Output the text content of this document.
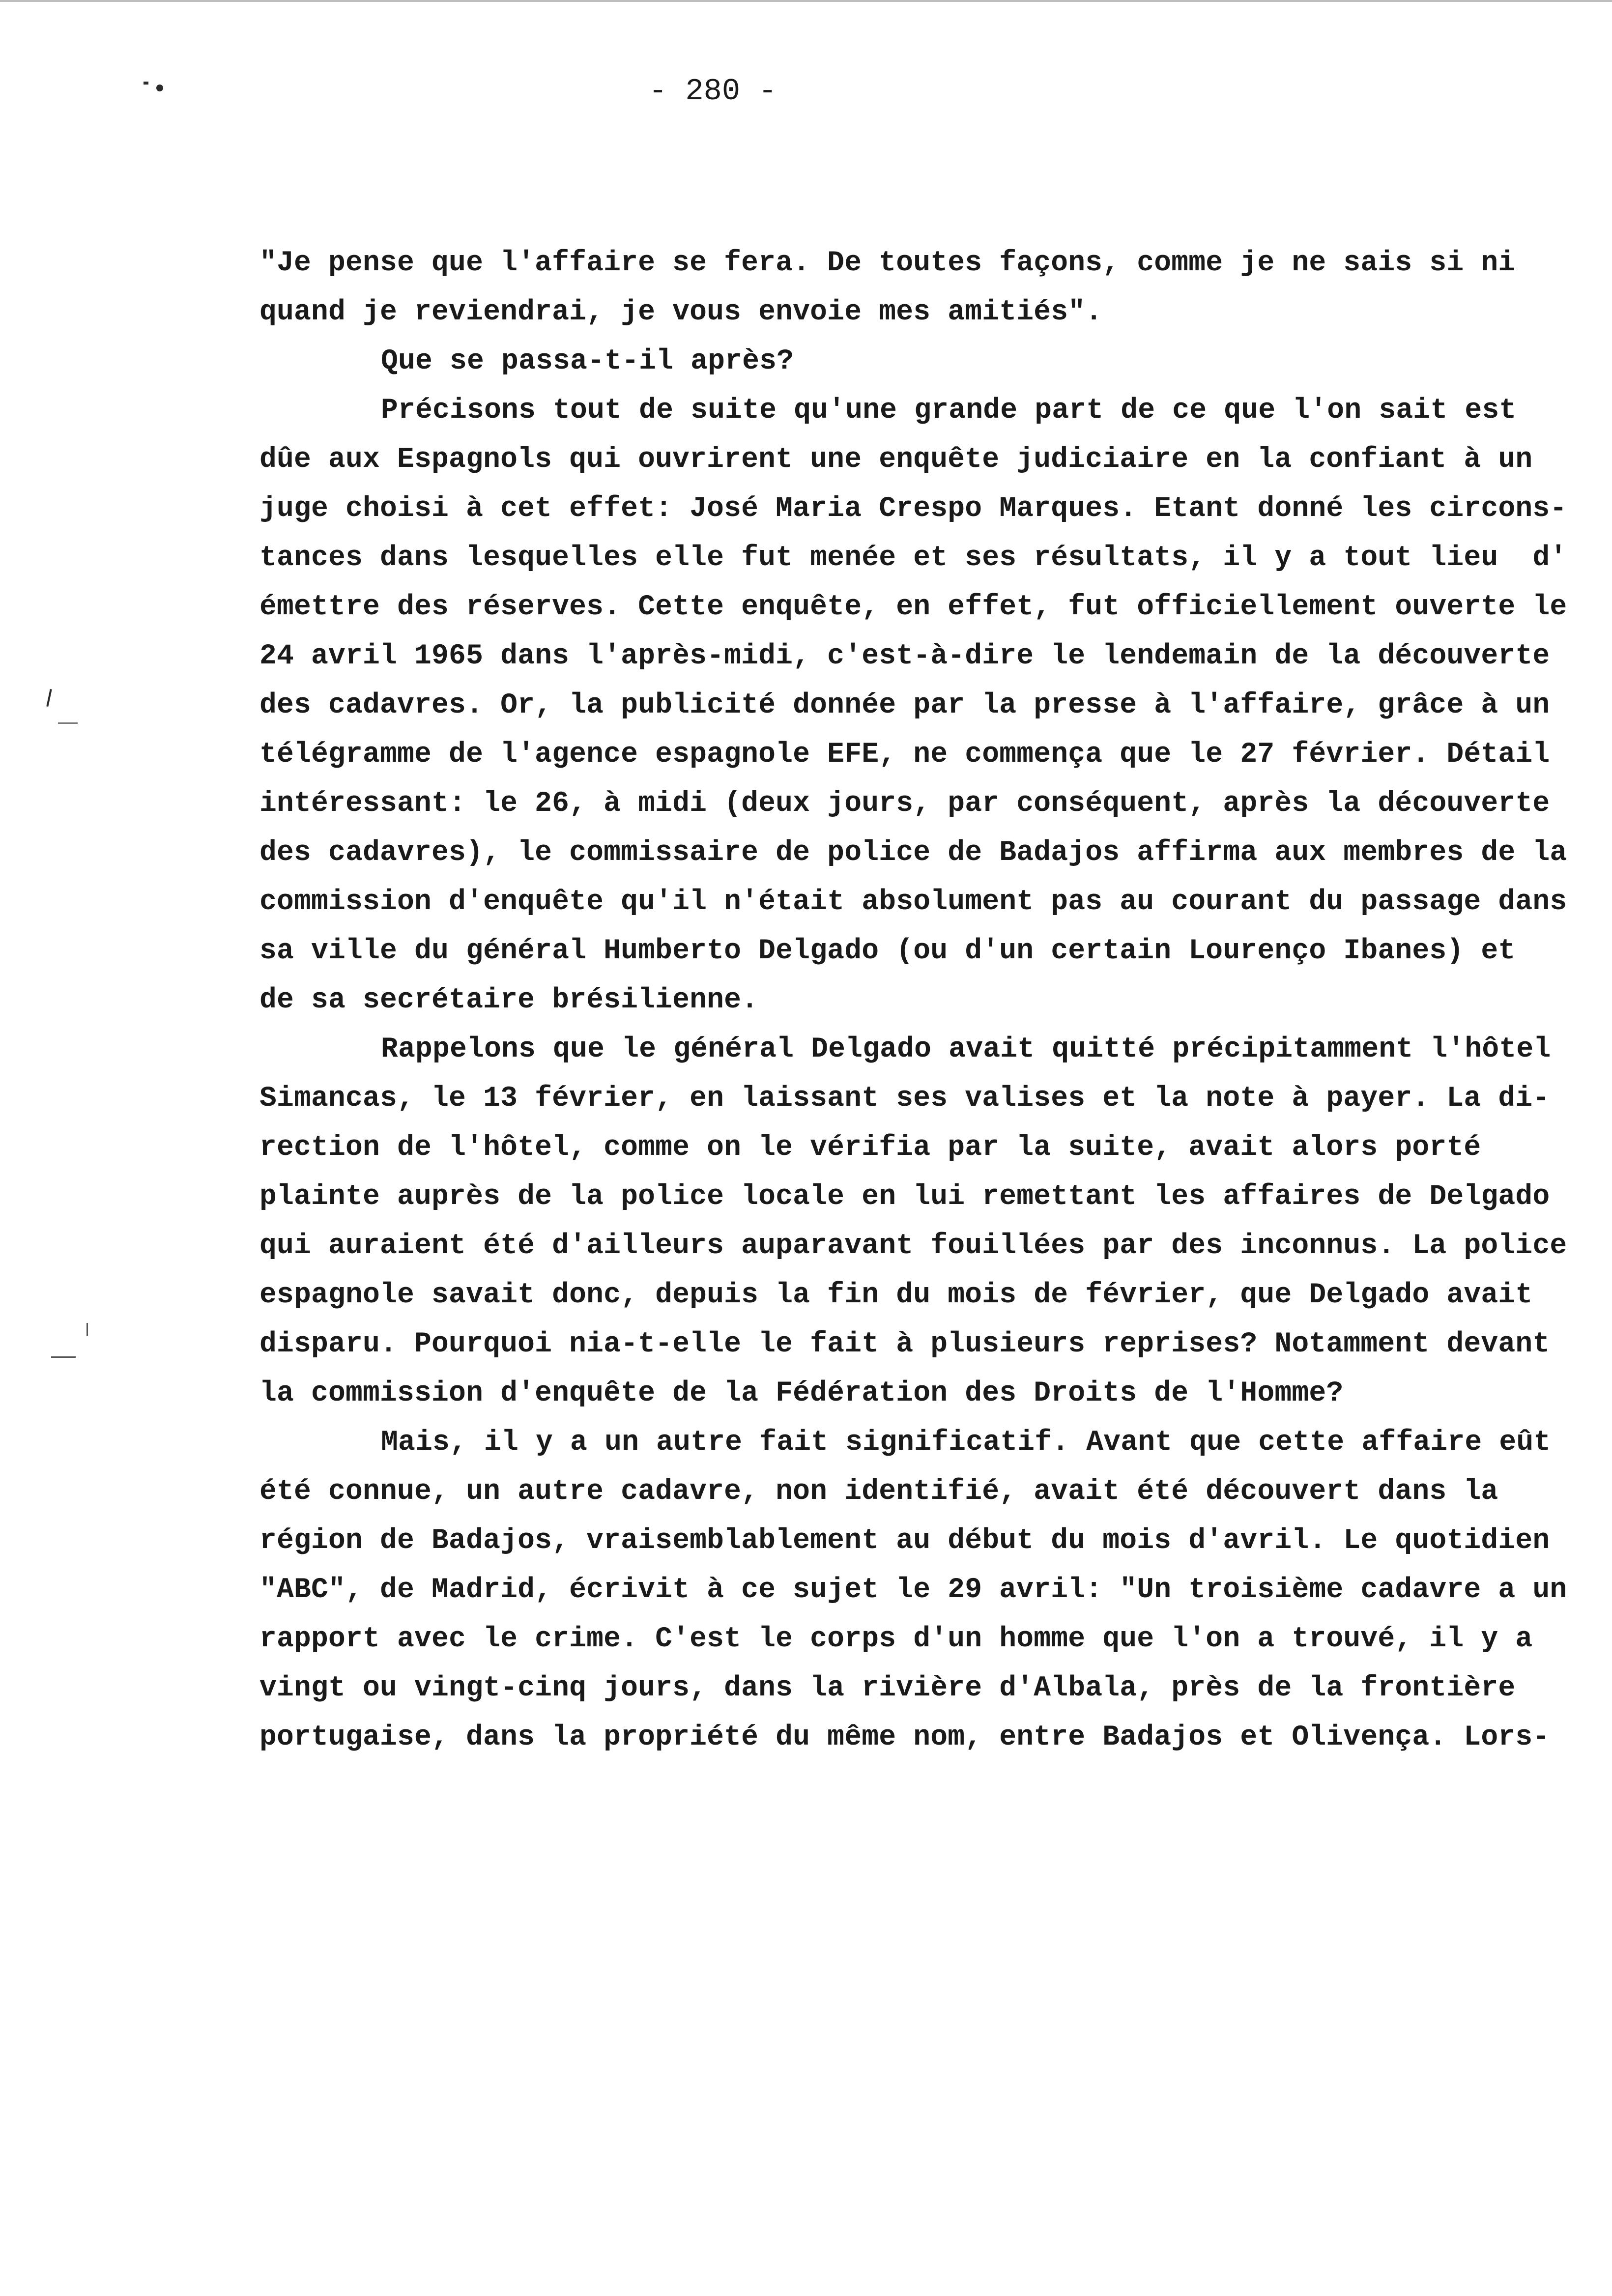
- 280 -
"Je pense que l'affaire se fera. De toutes façons, comme je ne sais si ni
quand je reviendrai, je vous envoie mes amitiés".
Que se passa-t-il après?
Précisons tout de suite qu'une grande part de ce que l'on sait est
dûe aux Espagnols qui ouvrirent une enquête judiciaire en la confiant à un
juge choisi à cet effet: José Maria Crespo Marques. Etant donné les circons-
tances dans lesquelles elle fut menée et ses résultats, il y a tout lieu  d'
émettre des réserves. Cette enquête, en effet, fut officiellement ouverte le
24 avril 1965 dans l'après-midi, c'est-à-dire le lendemain de la découverte
des cadavres. Or, la publicité donnée par la presse à l'affaire, grâce à un
télégramme de l'agence espagnole EFE, ne commença que le 27 février. Détail
intéressant: le 26, à midi (deux jours, par conséquent, après la découverte
des cadavres), le commissaire de police de Badajos affirma aux membres de la
commission d'enquête qu'il n'était absolument pas au courant du passage dans
sa ville du général Humberto Delgado (ou d'un certain Lourenço Ibanes) et
de sa secrétaire brésilienne.
Rappelons que le général Delgado avait quitté précipitamment l'hôtel
Simancas, le 13 février, en laissant ses valises et la note à payer. La di-
rection de l'hôtel, comme on le vérifia par la suite, avait alors porté
plainte auprès de la police locale en lui remettant les affaires de Delgado
qui auraient été d'ailleurs auparavant fouillées par des inconnus. La police
espagnole savait donc, depuis la fin du mois de février, que Delgado avait
disparu. Pourquoi nia-t-elle le fait à plusieurs reprises? Notamment devant
la commission d'enquête de la Fédération des Droits de l'Homme?
Mais, il y a un autre fait significatif. Avant que cette affaire eût
été connue, un autre cadavre, non identifié, avait été découvert dans la
région de Badajos, vraisemblablement au début du mois d'avril. Le quotidien
"ABC", de Madrid, écrivit à ce sujet le 29 avril: "Un troisième cadavre a un
rapport avec le crime. C'est le corps d'un homme que l'on a trouvé, il y a
vingt ou vingt-cinq jours, dans la rivière d'Albala, près de la frontière
portugaise, dans la propriété du même nom, entre Badajos et Olivença. Lors-
